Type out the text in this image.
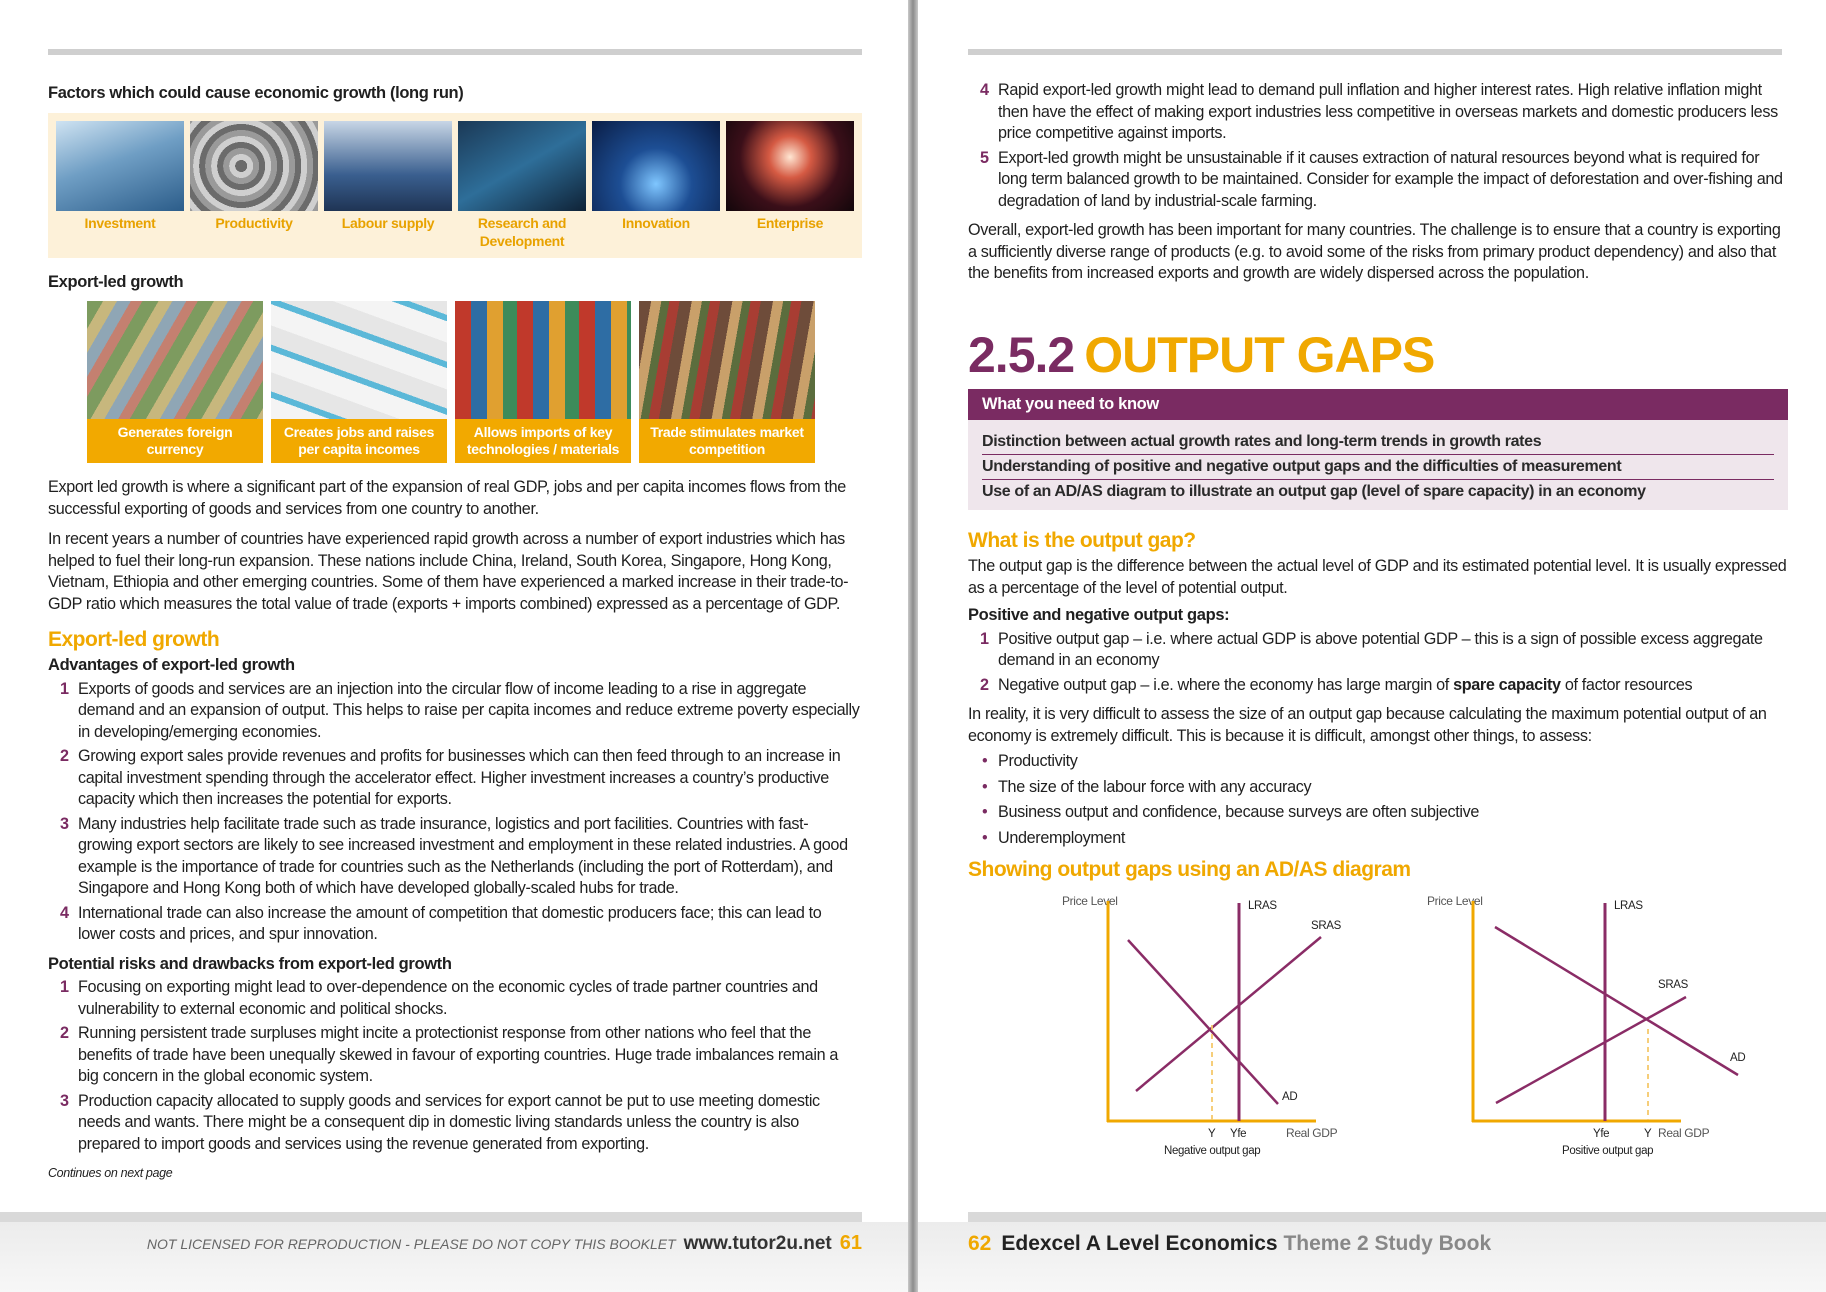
Factors which could cause economic growth (long run)
Investment	Productivity	Labour supply	Research and Development
Innovation	Enterprise
Export-led growth
Generates foreign currency
Creates jobs and raises per capita incomes
Allows imports of key technologies / materials
Trade stimulates market competition

Export led growth is where a significant part of the expansion of real GDP, jobs and per capita incomes flows from the successful exporting of goods and services from one country to another.

In recent years a number of countries have experienced rapid growth across a number of export industries which has helped to fuel their long-run expansion. These nations include China, Ireland, South Korea, Singapore, Hong Kong, Vietnam, Ethiopia and other emerging countries. Some of them have experienced a marked increase in their trade-to-GDP ratio which measures the total value of trade (exports + imports combined) expressed as a percentage of GDP.

Export-led growth
Advantages of export-led growth
1 Exports of goods and services are an injection into the circular flow of income leading to a rise in aggregate demand and an expansion of output. This helps to raise per capita incomes and reduce extreme poverty especially in developing/emerging economies.
2 Growing export sales provide revenues and profits for businesses which can then feed through to an increase in capital investment spending through the accelerator effect. Higher investment increases a country’s productive capacity which then increases the potential for exports.
3 Many industries help facilitate trade such as trade insurance, logistics and port facilities. Countries with fast-growing export sectors are likely to see increased investment and employment in these related industries. A good example is the importance of trade for countries such as the Netherlands (including the port of Rotterdam), and Singapore and Hong Kong both of which have developed globally-scaled hubs for trade.
4 International trade can also increase the amount of competition that domestic producers face; this can lead to lower costs and prices, and spur innovation.
Potential risks and drawbacks from export-led growth
1 Focusing on exporting might lead to over-dependence on the economic cycles of trade partner countries and vulnerability to external economic and political shocks.
2 Running persistent trade surpluses might incite a protectionist response from other nations who feel that the benefits of trade have been unequally skewed in favour of exporting countries. Huge trade imbalances remain a big concern in the global economic system.
3 Production capacity allocated to supply goods and services for export cannot be put to use meeting domestic needs and wants. There might be a consequent dip in domestic living standards unless the country is also prepared to import goods and services using the revenue generated from exporting.
Continues on next page
NOT LICENSED FOR REPRODUCTION - PLEASE DO NOT COPY THIS BOOKLET www.tutor2u.net 61
4 Rapid export-led growth might lead to demand pull inflation and higher interest rates. High relative inflation might then have the effect of making export industries less competitive in overseas markets and domestic producers less price competitive against imports.
5 Export-led growth might be unsustainable if it causes extraction of natural resources beyond what is required for long term balanced growth to be maintained. Consider for example the impact of deforestation and over-fishing and degradation of land by industrial-scale farming.

Overall, export-led growth has been important for many countries. The challenge is to ensure that a country is exporting a sufficiently diverse range of products (e.g. to avoid some of the risks from primary product dependency) and also that the benefits from increased exports and growth are widely dispersed across the population.

2.5.2 OUTPUT GAPS
What you need to know
Distinction between actual growth rates and long-term trends in growth rates
Understanding of positive and negative output gaps and the difficulties of measurement
Use of an AD/AS diagram to illustrate an output gap (level of spare capacity) in an economy
What is the output gap?

The output gap is the difference between the actual level of GDP and its estimated potential level. It is usually expressed as a percentage of the level of potential output.

Positive and negative output gaps:
1 Positive output gap – i.e. where actual GDP is above potential GDP – this is a sign of possible excess aggregate demand in an economy
2 Negative output gap – i.e. where the economy has large margin of spare capacity of factor resources

In reality, it is very difficult to assess the size of an output gap because calculating the maximum potential output of an economy is extremely difficult. This is because it is difficult, amongst other things, to assess:

• Productivity
• The size of the labour force with any accuracy
• Business output and confidence, because surveys are often subjective
• Underemployment
Showing output gaps using an AD/AS diagram
Price Level	LRAS
SRAS
AD
Y Yfe	Real GDP
Negative output gap
Price Level	LRAS
SRAS
AD
Yfe	Y Real GDP
Positive output gap
62 Edexcel A Level Economics Theme 2 Study Book
